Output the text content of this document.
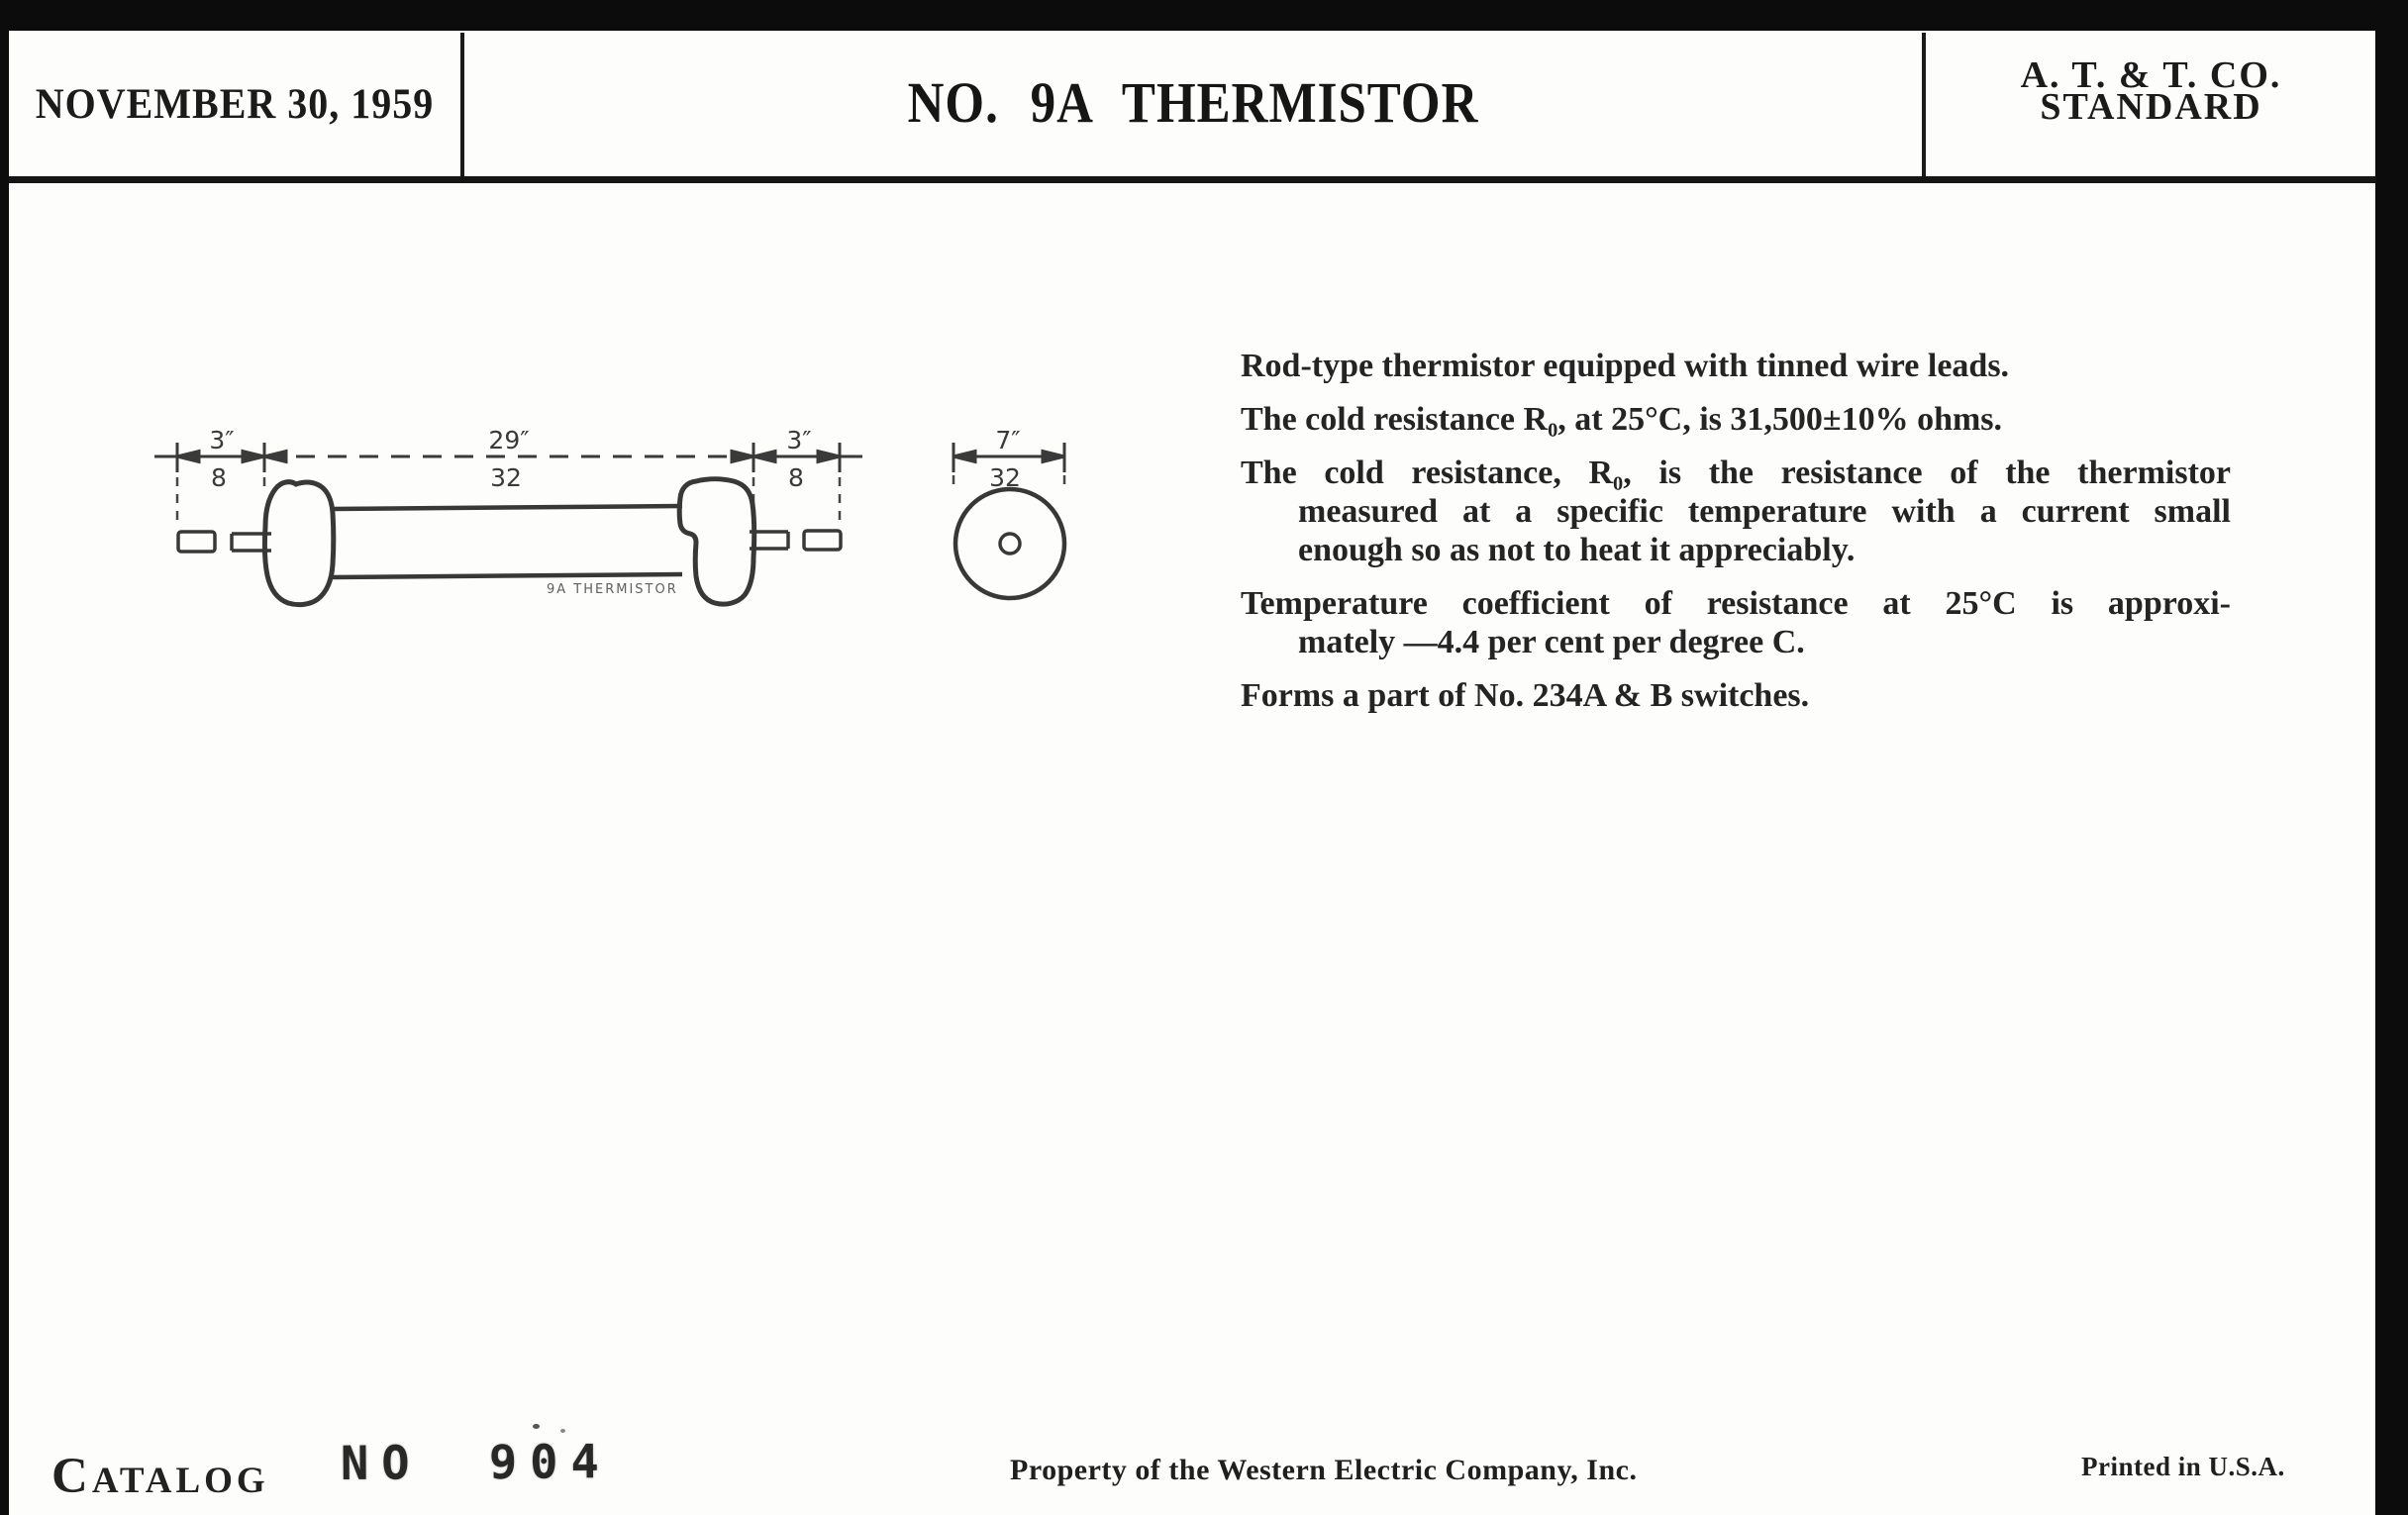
NOVEMBER 30, 1959	NO. 9A THERMISTOR	A. T. & T. CO.
STANDARD
3″
8
29″
32
3″
8
7″
32
9A THERMISTOR

Rod-type thermistor equipped with tinned wire leads.

The cold resistance R₀, at 25°C, is 31,500±10% ohms.

The cold resistance, R₀, is the resistance of the thermistor
measured at a specific temperature with a current small
enough so as not to heat it appreciably.
Temperature coefficient of resistance at 25°C is approxi-
mately —4.4 per cent per degree C.

Forms a part of No. 234A & B switches.

CATALOG NO 904	Property of the Western Electric Company, Inc.	Printed in U.S.A.
